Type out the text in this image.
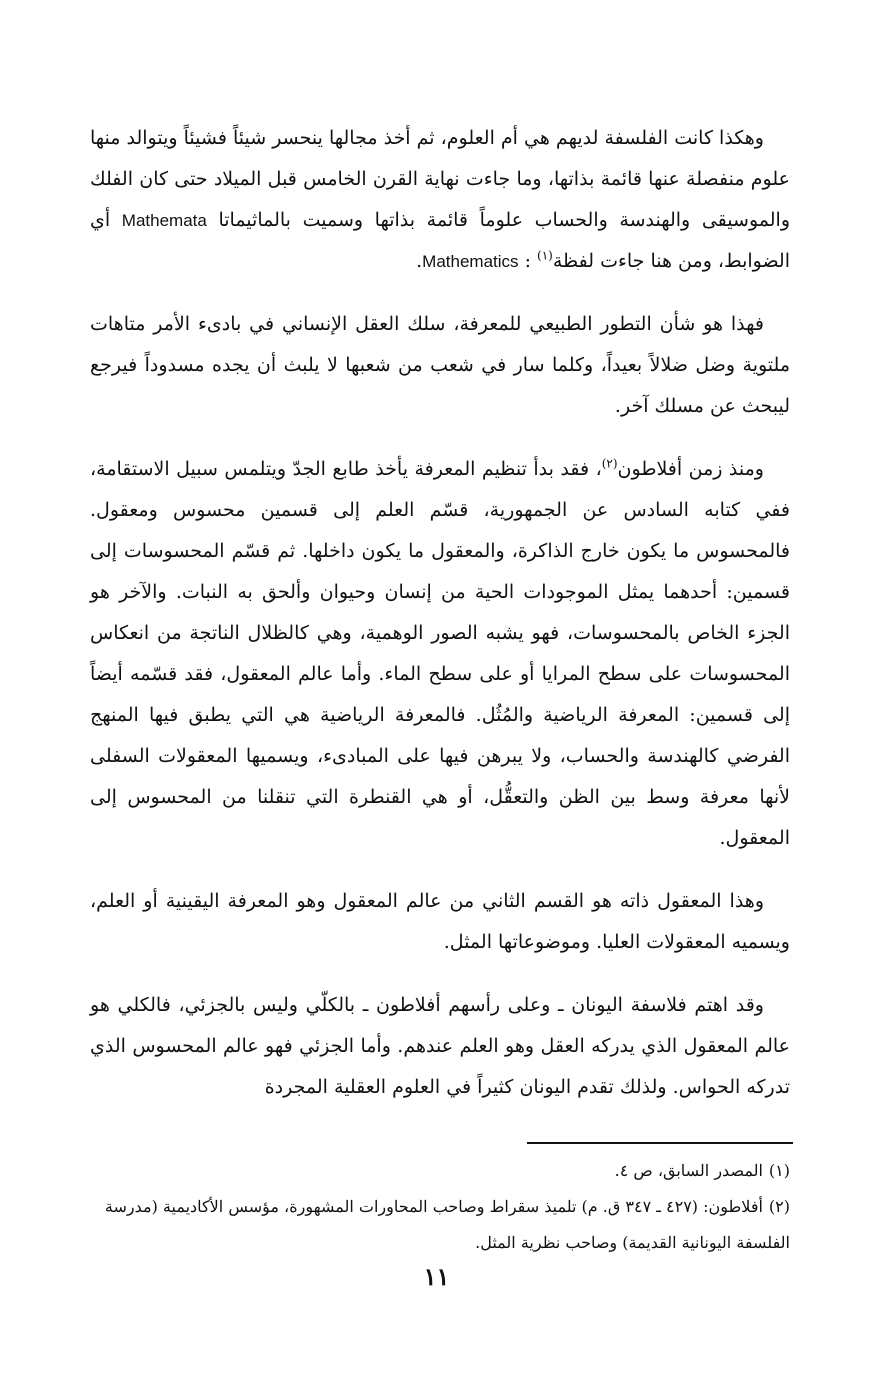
وهكذا كانت الفلسفة لديهم هي أم العلوم، ثم أخذ مجالها ينحسر شيئاً فشيئاً ويتوالد منها علوم منفصلة عنها قائمة بذاتها، وما جاءت نهاية القرن الخامس قبل الميلاد حتى كان الفلك والموسيقى والهندسة والحساب علوماً قائمة بذاتها وسميت بالماثيماتا Mathemata أي الضوابط، ومن هنا جاءت لفظة$^{(١)}$ : Mathematics.

فهذا هو شأن التطور الطبيعي للمعرفة، سلك العقل الإنساني في بادىء الأمر متاهات ملتوية وضل ضلالاً بعيداً، وكلما سار في شعب من شعبها لا يلبث أن يجده مسدوداً فيرجع ليبحث عن مسلك آخر.

ومنذ زمن أفلاطون$^{(٢)}$، فقد بدأ تنظيم المعرفة يأخذ طابع الجدّ ويتلمس سبيل الاستقامة، ففي كتابه السادس عن الجمهورية، قسّم العلم إلى قسمين محسوس ومعقول. فالمحسوس ما يكون خارج الذاكرة، والمعقول ما يكون داخلها. ثم قسّم المحسوسات إلى قسمين: أحدهما يمثل الموجودات الحية من إنسان وحيوان وألحق به النبات. والآخر هو الجزء الخاص بالمحسوسات، فهو يشبه الصور الوهمية، وهي كالظلال الناتجة من انعكاس المحسوسات على سطح المرايا أو على سطح الماء. وأما عالم المعقول، فقد قسّمه أيضاً إلى قسمين: المعرفة الرياضية والمُثُل. فالمعرفة الرياضية هي التي يطبق فيها المنهج الفرضي كالهندسة والحساب، ولا يبرهن فيها على المبادىء، ويسميها المعقولات السفلى لأنها معرفة وسط بين الظن والتعقُّل، أو هي القنطرة التي تنقلنا من المحسوس إلى المعقول.

وهذا المعقول ذاته هو القسم الثاني من عالم المعقول وهو المعرفة اليقينية أو العلم، ويسميه المعقولات العليا. وموضوعاتها المثل.

وقد اهتم فلاسفة اليونان ـ وعلى رأسهم أفلاطون ـ بالكلّي وليس بالجزئي، فالكلي هو عالم المعقول الذي يدركه العقل وهو العلم عندهم. وأما الجزئي فهو عالم المحسوس الذي تدركه الحواس. ولذلك تقدم اليونان كثيراً في العلوم العقلية المجردة

(١)المصدر السابق، ص ٤.

(٢)أفلاطون: (٤٢٧ ـ ٣٤٧ ق. م) تلميذ سقراط وصاحب المحاورات المشهورة، مؤسس الأكاديمية (مدرسة الفلسفة اليونانية القديمة) وصاحب نظرية المثل.

١١
